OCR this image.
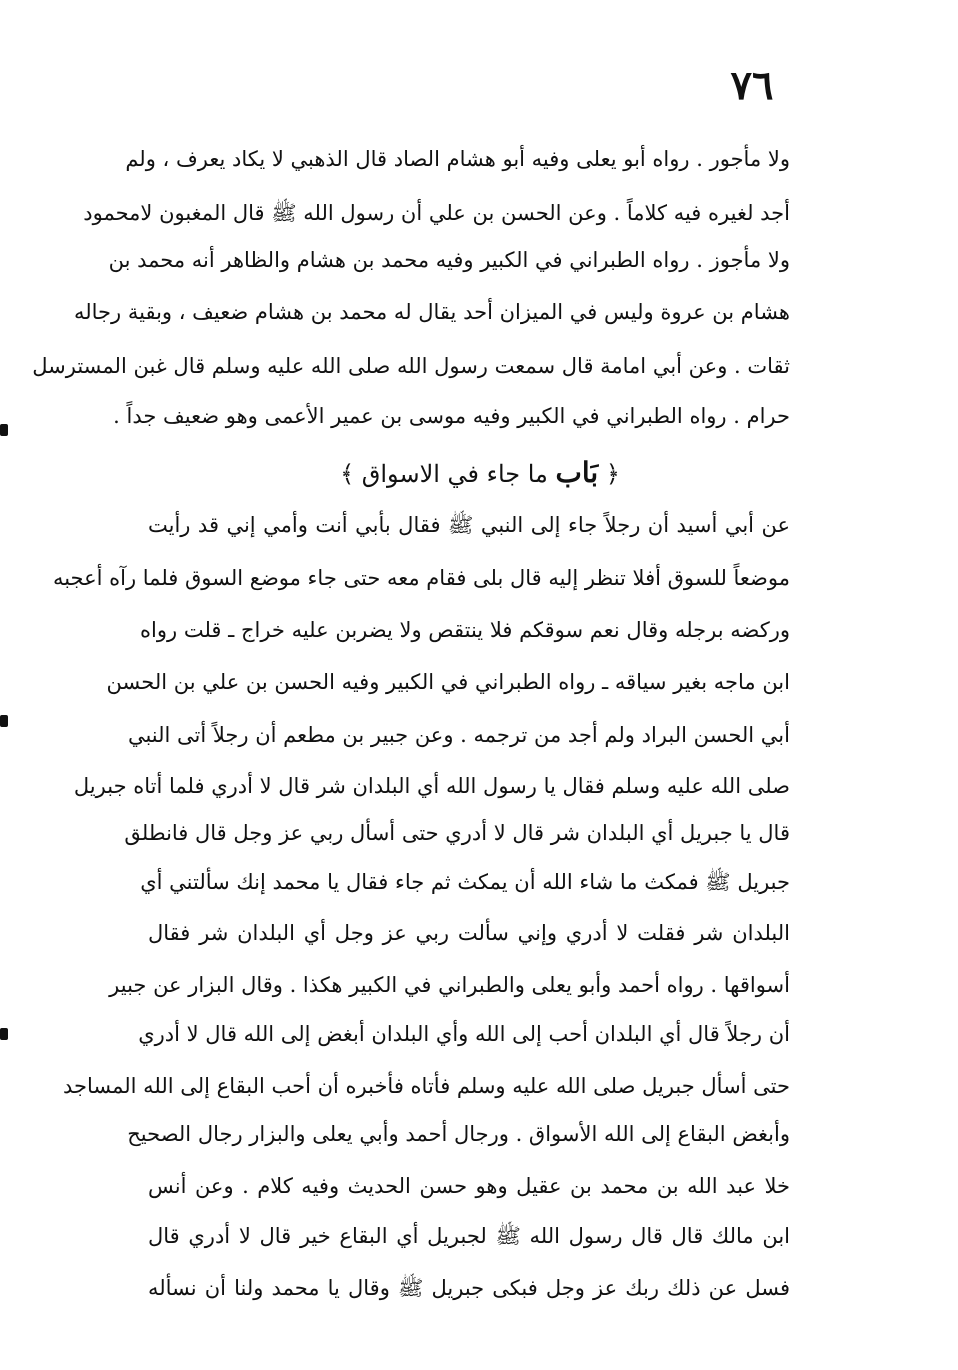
٧٦
ولا مأجور . رواه أبو يعلى وفيه أبو هشام الصاد قال الذهبي لا يكاد يعرف ، ولم
أجد لغيره فيه كلاماً . وعن الحسن بن علي أن رسول الله ﷺ قال المغبون لامحمود
ولا مأجوز . رواه الطبراني في الكبير وفيه محمد بن هشام والظاهر أنه محمد بن
هشام بن عروة وليس في الميزان أحد يقال له محمد بن هشام ضعيف ، وبقية رجاله
ثقات . وعن أبي امامة قال سمعت رسول الله صلى الله عليه وسلم قال غبن المسترسل
حرام . رواه الطبراني في الكبير وفيه موسى بن عمير الأعمى وهو ضعيف جداً .
﴿ بَاب ما جاء في الاسواق ﴾
عن أبي أسيد أن رجلاً جاء إلى النبي ﷺ فقال بأبي أنت وأمي إني قد رأيت
موضعاً للسوق أفلا تنظر إليه قال بلى فقام معه حتى جاء موضع السوق فلما رآه أعجبه
وركضه برجله وقال نعم سوقكم فلا ينتقص ولا يضربن عليه خراج ـ قلت رواه
ابن ماجه بغير سياقه ـ رواه الطبراني في الكبير وفيه الحسن بن علي بن الحسن
أبي الحسن البراد ولم أجد من ترجمه . وعن جبير بن مطعم أن رجلاً أتى النبي
صلى الله عليه وسلم فقال يا رسول الله أي البلدان شر قال لا أدري فلما أتاه جبريل
قال يا جبريل أي البلدان شر قال لا أدري حتى أسأل ربي عز وجل قال فانطلق
جبريل ﷺ فمكث ما شاء الله أن يمكث ثم جاء فقال يا محمد إنك سألتني أي
البلدان شر فقلت لا أدري وإني سألت ربي عز وجل أي البلدان شر فقال
أسواقها . رواه أحمد وأبو يعلى والطبراني في الكبير هكذا . وقال البزار عن جبير
أن رجلاً قال أي البلدان أحب إلى الله وأي البلدان أبغض إلى الله قال لا أدري
حتى أسأل جبريل صلى الله عليه وسلم فأتاه فأخبره أن أحب البقاع إلى الله المساجد
وأبغض البقاع إلى الله الأسواق . ورجال أحمد وأبي يعلى والبزار رجال الصحيح
خلا عبد الله بن محمد بن عقيل وهو حسن الحديث وفيه كلام . وعن أنس
ابن مالك قال قال رسول الله ﷺ لجبريل أي البقاع خير قال لا أدري قال
فسل عن ذلك ربك عز وجل فبكى جبريل ﷺ وقال يا محمد ولنا أن نسأله
